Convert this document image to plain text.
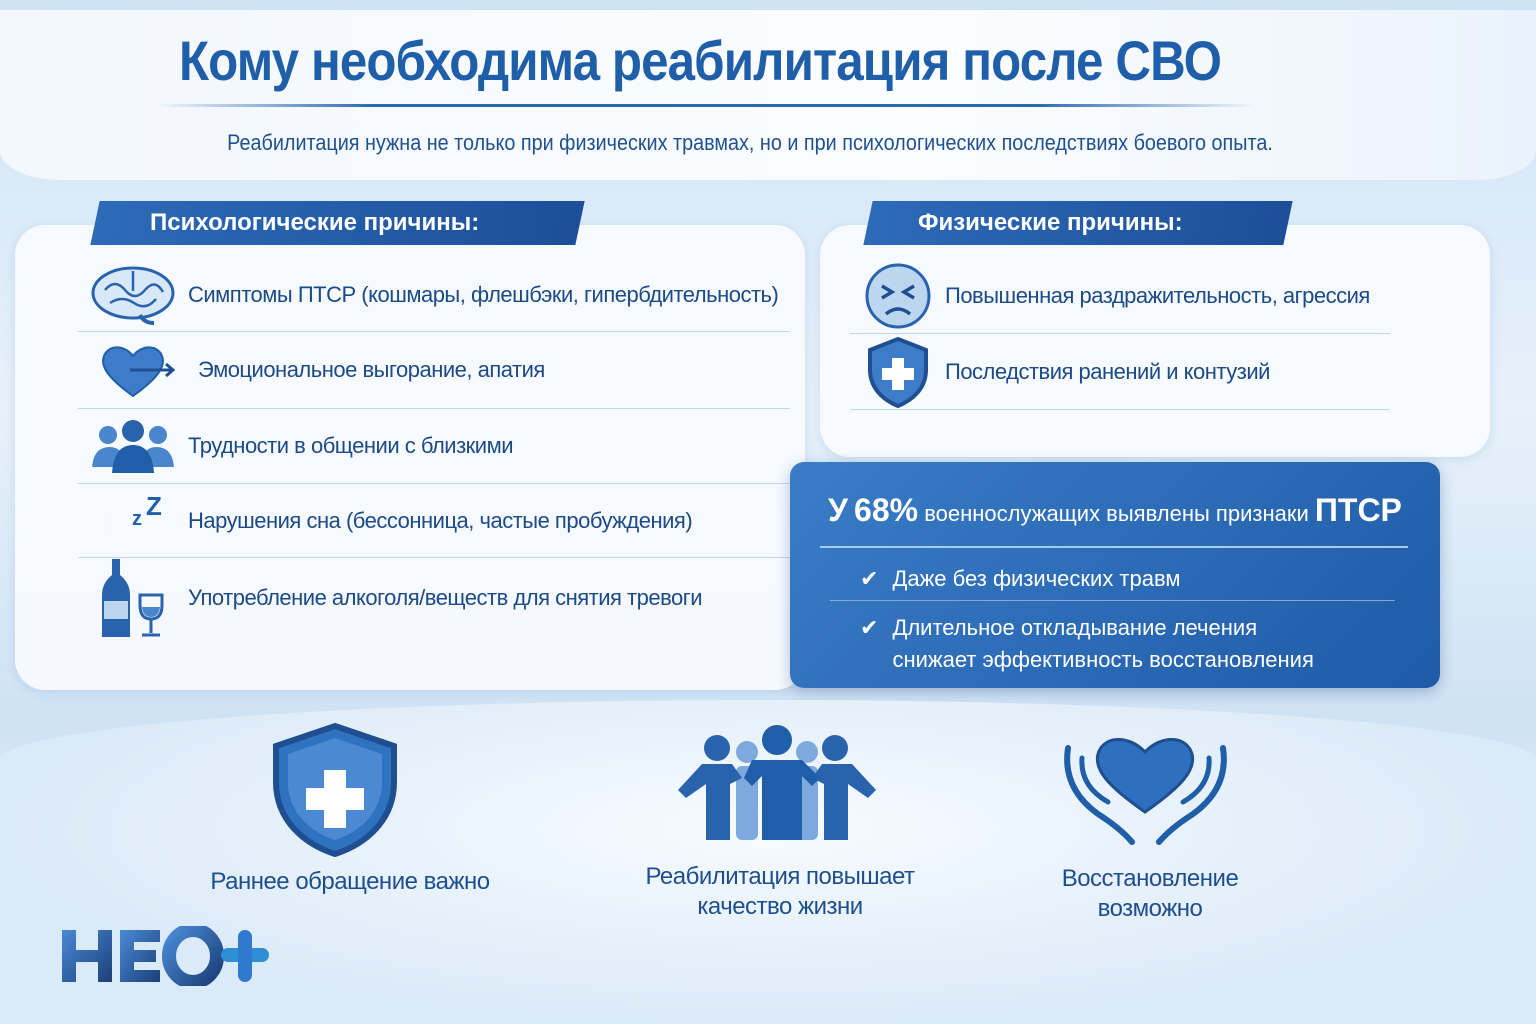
Кому необходима реабилитация после СВО

Реабилитация нужна не только при физических травмах, но и при психологических последствиях боевого опыта.

Психологические причины:
Симптомы ПТСР (кошмары, флешбэки, гипербдительность)
Эмоциональное выгорание, апатия
Трудности в общении с близкими
z Z Нарушения сна (бессонница, частые пробуждения)
Употребление алкоголя/веществ для снятия тревоги
Физические причины:
Повышенная раздражительность, агрессия
Последствия ранений и контузий
У 68% военнослужащих выявлены признаки ПТСР
✔ Даже без физических травм
✔ Длительное откладывание лечения снижает эффективность восстановления
Раннее обращение важно	Реабилитация повышает качество жизни
Восстановление возможно
